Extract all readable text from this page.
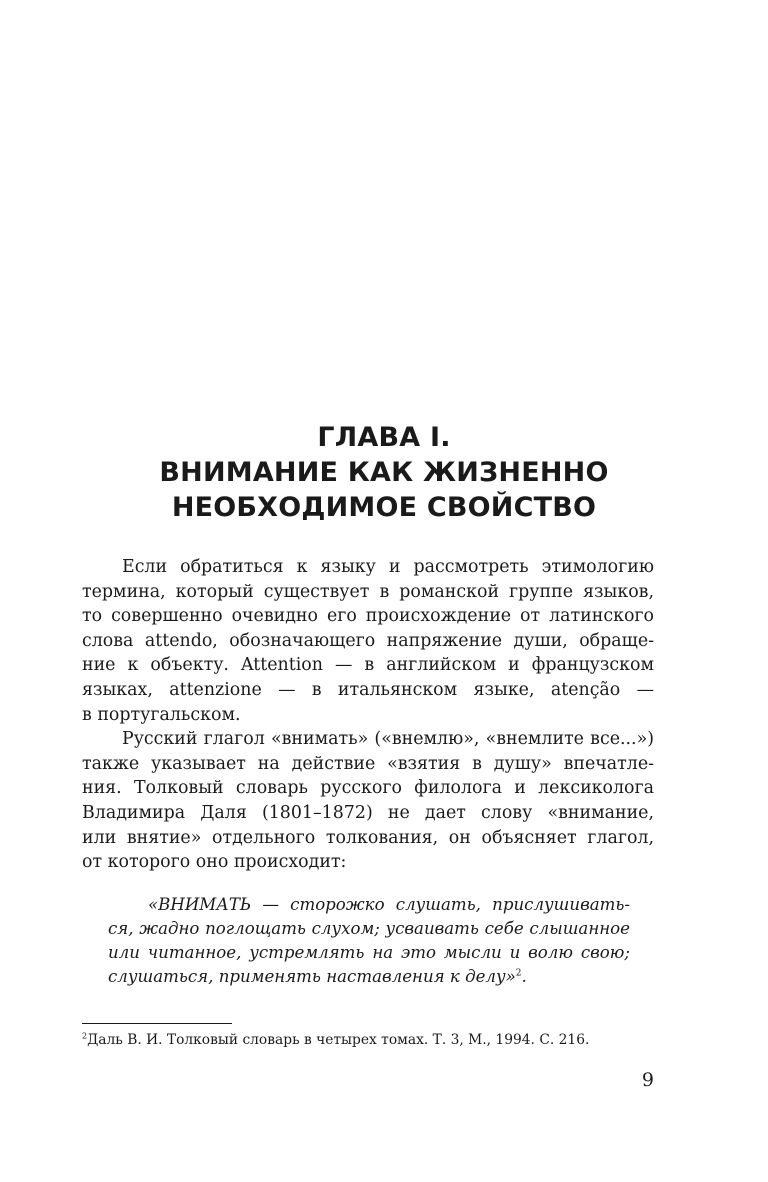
ГЛАВА I.
ВНИМАНИЕ КАК ЖИЗНЕННО
НЕОБХОДИМОЕ СВОЙСТВО

Если обратиться к языку и рассмотреть этимологию
термина, который существует в романской группе языков,
то совершенно очевидно его происхождение от латинского
слова attendo, обозначающего напряжение души, обраще-
ние к объекту. Attention — в английском и французском
языках, attenzione — в итальянском языке, atenção —
в португальском.

Русский глагол «внимать» («внемлю», «внемлите все...»)
также указывает на действие «взятия в душу» впечатле-
ния. Толковый словарь русского филолога и лексиколога
Владимира Даля (1801–1872) не дает слову «внимание,
или внятие» отдельного толкования, он объясняет глагол,
от которого оно происходит:

«ВНИМАТЬ — сторожко слушать, прислушивать-
ся, жадно поглощать слухом; усваивать себе слышанное
или читанное, устремлять на это мысли и волю свою;
слушаться, применять наставления к делу»$^2$.
$^2$Даль В. И. Толковый словарь в четырех томах. Т. 3, М., 1994. С. 216.
9
